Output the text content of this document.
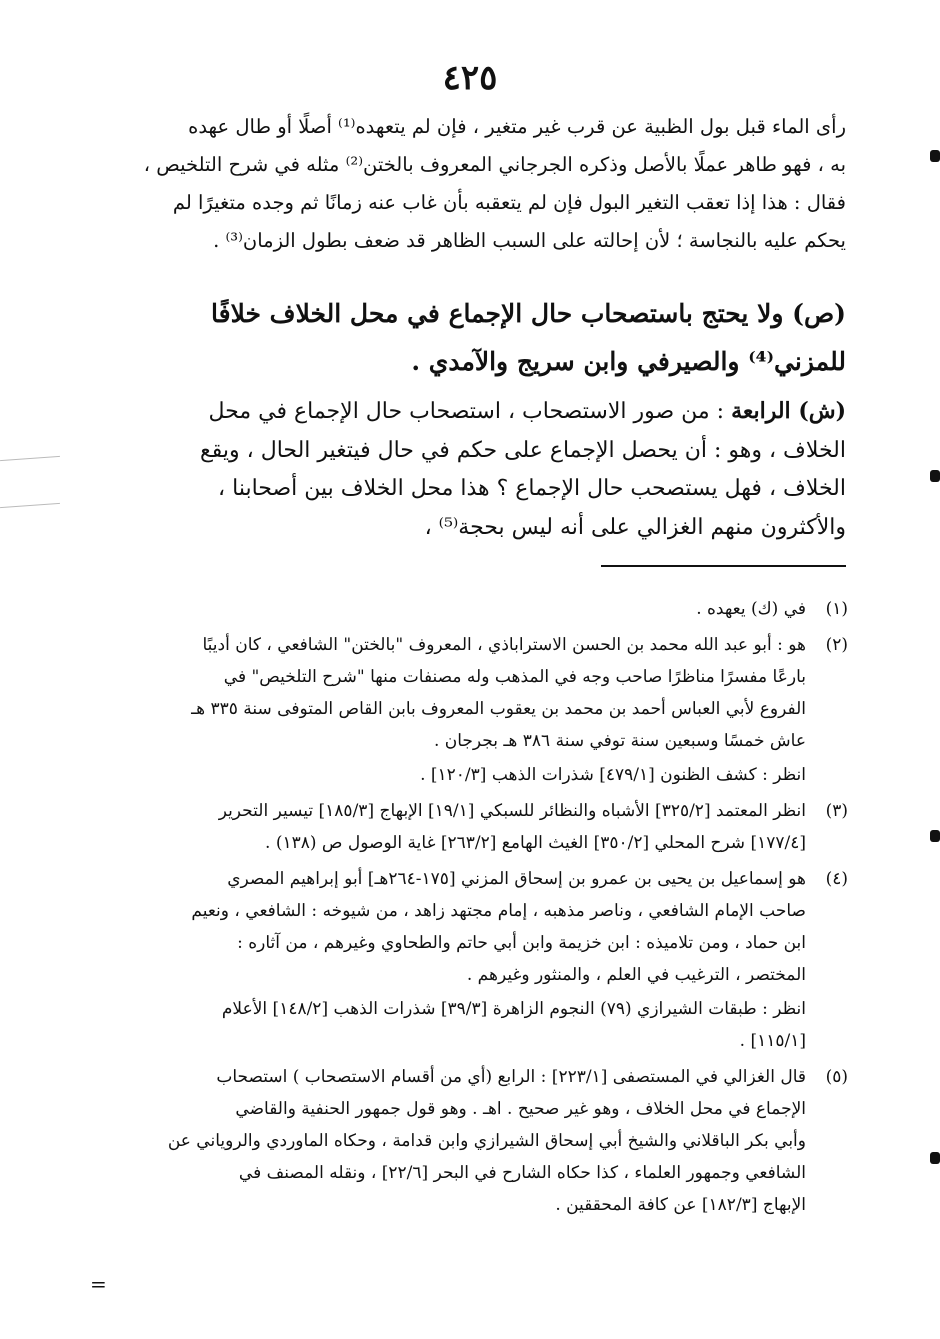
٤٢٥
رأى الماء قبل بول الظبية عن قرب غير متغير ، فإن لم يتعهده⁽¹⁾ أصلًا أو طال عهده
به ، فهو طاهر عملًا بالأصل وذكره الجرجاني المعروف بالختن⁽²⁾ مثله في شرح التلخيص ،
فقال : هذا إذا تعقب التغير البول فإن لم يتعقبه بأن غاب عنه زمانًا ثم وجده متغيرًا لم
يحكم عليه بالنجاسة ؛ لأن إحالته على السبب الظاهر قد ضعف بطول الزمان⁽³⁾ .
(ص) ولا يحتج باستصحاب حال الإجماع في محل الخلاف خلافًا
للمزني⁽⁴⁾ والصيرفي وابن سريج والآمدي .
(ش) الرابعة : من صور الاستصحاب ، استصحاب حال الإجماع في محل
الخلاف ، وهو : أن يحصل الإجماع على حكم في حال فيتغير الحال ، ويقع
الخلاف ، فهل يستصحب حال الإجماع ؟ هذا محل الخلاف بين أصحابنا ،
والأكثرون منهم الغزالي على أنه ليس بحجة⁽⁵⁾ ،
(١)
في (ك) يعهده .
(٢)
هو : أبو عبد الله محمد بن الحسن الاستراباذي ، المعروف "بالختن" الشافعي ، كان أديبًا
بارعًا مفسرًا مناظرًا صاحب وجه في المذهب وله مصنفات منها "شرح التلخيص" في
الفروع لأبي العباس أحمد بن محمد بن يعقوب المعروف بابن القاص المتوفى سنة ٣٣٥ هـ
عاش خمسًا وسبعين سنة توفي سنة ٣٨٦ هـ بجرجان .
انظر : كشف الظنون [٤٧٩/١] شذرات الذهب [١٢٠/٣] .
(٣)
انظر المعتمد [٣٢٥/٢] الأشباه والنظائر للسبكي [١٩/١] الإبهاج [١٨٥/٣] تيسير التحرير
[١٧٧/٤] شرح المحلي [٣٥٠/٢] الغيث الهامع [٢٦٣/٢] غاية الوصول ص (١٣٨) .
(٤)
هو إسماعيل بن يحيى بن عمرو بن إسحاق المزني [١٧٥-٢٦٤هـ] أبو إبراهيم المصري
صاحب الإمام الشافعي ، وناصر مذهبه ، إمام مجتهد زاهد ، من شيوخه : الشافعي ، ونعيم
ابن حماد ، ومن تلاميذه : ابن خزيمة وابن أبي حاتم والطحاوي وغيرهم ، من آثاره :
المختصر ، الترغيب في العلم ، والمنثور وغيرهم .
انظر : طبقات الشيرازي (٧٩) النجوم الزاهرة [٣٩/٣] شذرات الذهب [١٤٨/٢] الأعلام
[١١٥/١] .
(٥)
قال الغزالي في المستصفى [٢٢٣/١] : الرابع (أي من أقسام الاستصحاب ) استصحاب
الإجماع في محل الخلاف ، وهو غير صحيح . اهـ . وهو قول جمهور الحنفية والقاضي
وأبي بكر الباقلاني والشيخ أبي إسحاق الشيرازي وابن قدامة ، وحكاه الماوردي والروياني عن
الشافعي وجمهور العلماء ، كذا حكاه الشارح في البحر [٢٢/٦] ، ونقله المصنف في
الإبهاج [١٨٢/٣] عن كافة المحققين .
=
